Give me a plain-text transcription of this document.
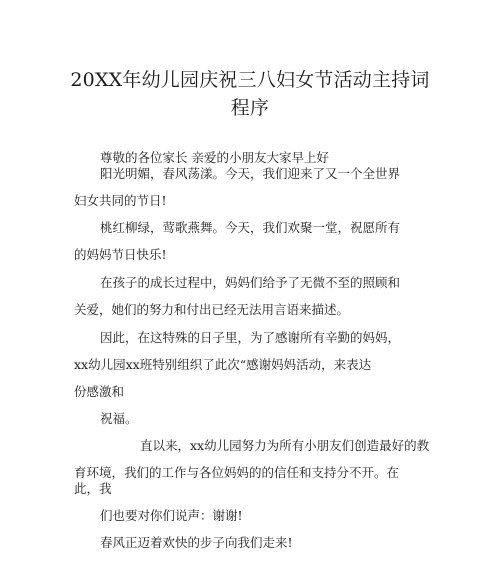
20XX年幼儿园庆祝三八妇女节活动主持词
程序
尊敬的各位家长 亲爱的小朋友大家早上好
阳光明媚，春风荡漾。今天，我们迎来了又一个全世界
妇女共同的节日!
桃红柳绿，莺歌燕舞。今天，我们欢聚一堂，祝愿所有
的妈妈节日快乐!
在孩子的成长过程中，妈妈们给予了无微不至的照顾和
关爱，她们的努力和付出已经无法用言语来描述。
因此，在这特殊的日子里，为了感谢所有辛勤的妈妈，
xx幼儿园xx班特别组织了此次“感谢妈妈活动，来表达
份感激和
祝福。
直以来，xx幼儿园努力为所有小朋友们创造最好的教
育环境，我们的工作与各位妈妈的的信任和支持分不开。在
此，我
们也要对你们说声：谢谢!
春风正迈着欢快的步子向我们走来!
